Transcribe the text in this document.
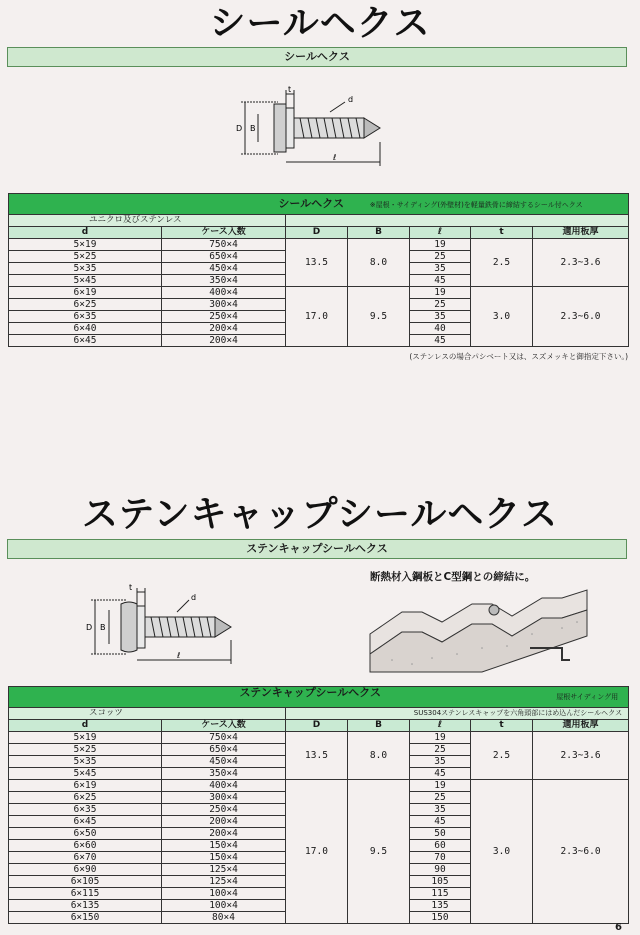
シールヘクス
シールヘクス
t
d
D B
ℓ
シールヘクス ※屋根・サイディング(外壁材)を軽量鉄骨に締結するシール付ヘクス						
ユニクロ及びステンレス						
d	ケース入数	D	B	ℓ	t	適用板厚
5×19	750×4	13.5	8.0	19	2.5	2.3~3.6
5×25	650×4			25		
5×35	450×4			35		
5×45	350×4			45		
6×19	400×4	17.0	9.5	19	3.0	2.3~6.0
6×25	300×4			25		
6×35	250×4			35		
6×40	200×4			40		
6×45	200×4			45		
(ステンレスの場合パシベート又は、スズメッキと御指定下さい。)
ステンキャップシールヘクス
ステンキャップシールヘクス
t
d
D B
ℓ
断熱材入鋼板とC型鋼との締結に。
ステンキャップシールヘクス 屋根サイディング用						

スコッツ		SUS304ステンレスキャップを六角頭部にはめ込んだシールヘクス				
d	ケース入数	D	B	ℓ	t	適用板厚
5×19	750×4	13.5	8.0	19	2.5	2.3~3.6
5×25	650×4			25		
5×35	450×4			35		
5×45	350×4			45		
6×19	400×4	17.0	9.5	19	3.0	2.3~6.0
6×25	300×4			25		
6×35	250×4			35		
6×45	200×4			45		
6×50	200×4			50		
6×60	150×4			60		
6×70	150×4			70		
6×90	125×4			90		
6×105	125×4			105		
6×115	100×4			115		
6×135	100×4			135		
6×150	80×4			150		
6
